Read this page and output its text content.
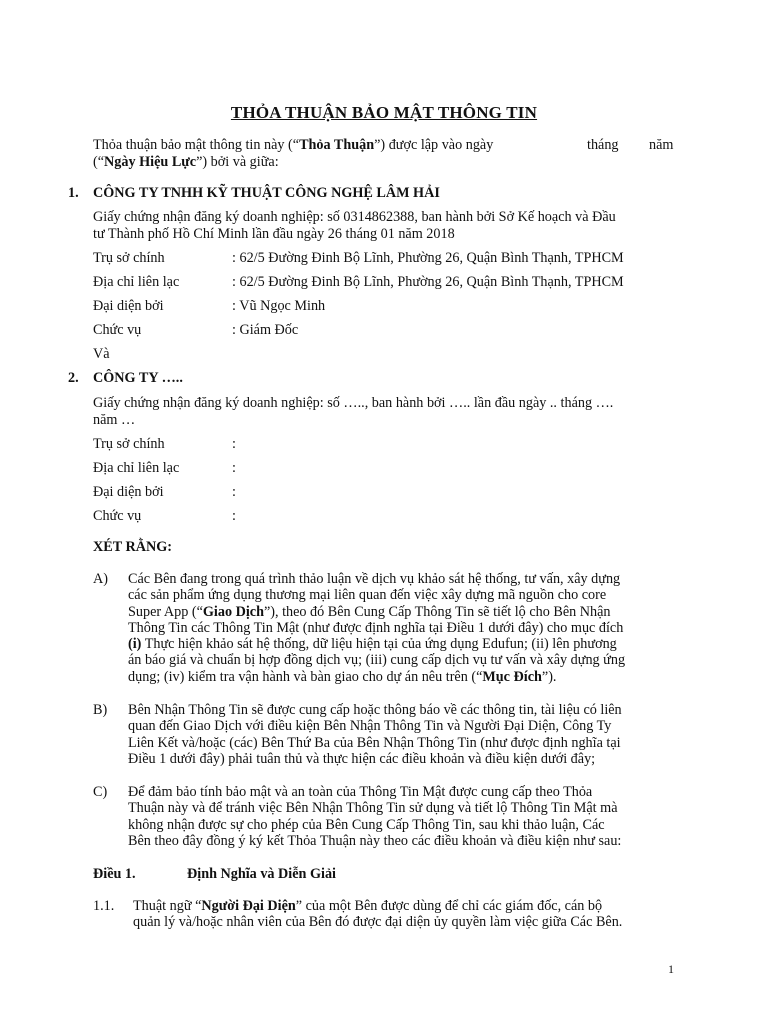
THỎA THUẬN BẢO MẬT THÔNG TIN
Thỏa thuận bảo mật thông tin này (“Thỏa Thuận”) được lập vào ngày	tháng năm
(“Ngày Hiệu Lực”) bởi và giữa:
1. CÔNG TY TNHH KỸ THUẬT CÔNG NGHỆ LÂM HẢI
Giấy chứng nhận đăng ký doanh nghiệp: số 0314862388, ban hành bởi Sở Kế hoạch và Đầu
tư Thành phố Hồ Chí Minh lần đầu ngày 26 tháng 01 năm 2018
Trụ sở chính	: 62/5 Đường Đinh Bộ Lĩnh, Phường 26, Quận Bình Thạnh, TPHCM
Địa chỉ liên lạc	: 62/5 Đường Đinh Bộ Lĩnh, Phường 26, Quận Bình Thạnh, TPHCM
Đại diện bởi	: Vũ Ngọc Minh
Chức vụ	: Giám Đốc
Và
2. CÔNG TY …..
Giấy chứng nhận đăng ký doanh nghiệp: số ….., ban hành bởi ….. lần đầu ngày .. tháng ….
năm …
Trụ sở chính	:
Địa chỉ liên lạc	:
Đại diện bởi	:
Chức vụ	:
XÉT RẰNG:
A) Các Bên đang trong quá trình thảo luận về dịch vụ khảo sát hệ thống, tư vấn, xây dựng
các sản phẩm ứng dụng thương mại liên quan đến việc xây dựng mã nguồn cho core
Super App (“Giao Dịch”), theo đó Bên Cung Cấp Thông Tin sẽ tiết lộ cho Bên Nhận
Thông Tin các Thông Tin Mật (như được định nghĩa tại Điều 1 dưới đây) cho mục đích
(i) Thực hiện khảo sát hệ thống, dữ liệu hiện tại của ứng dụng Edufun; (ii) lên phương
án báo giá và chuẩn bị hợp đồng dịch vụ; (iii) cung cấp dịch vụ tư vấn và xây dựng ứng
dụng; (iv) kiểm tra vận hành và bàn giao cho dự án nêu trên (“Mục Đích”).
B) Bên Nhận Thông Tin sẽ được cung cấp hoặc thông báo về các thông tin, tài liệu có liên
quan đến Giao Dịch với điều kiện Bên Nhận Thông Tin và Người Đại Diện, Công Ty
Liên Kết và/hoặc (các) Bên Thứ Ba của Bên Nhận Thông Tin (như được định nghĩa tại
Điều 1 dưới đây) phải tuân thủ và thực hiện các điều khoản và điều kiện dưới đây;
C) Để đảm bảo tính bảo mật và an toàn của Thông Tin Mật được cung cấp theo Thỏa
Thuận này và để tránh việc Bên Nhận Thông Tin sử dụng và tiết lộ Thông Tin Mật mà
không nhận được sự cho phép của Bên Cung Cấp Thông Tin, sau khi thảo luận, Các
Bên theo đây đồng ý ký kết Thỏa Thuận này theo các điều khoản và điều kiện như sau:
Điều 1.	Định Nghĩa và Diễn Giải
1.1. Thuật ngữ “Người Đại Diện” của một Bên được dùng để chỉ các giám đốc, cán bộ
quản lý và/hoặc nhân viên của Bên đó được đại diện ủy quyền làm việc giữa Các Bên.
1
